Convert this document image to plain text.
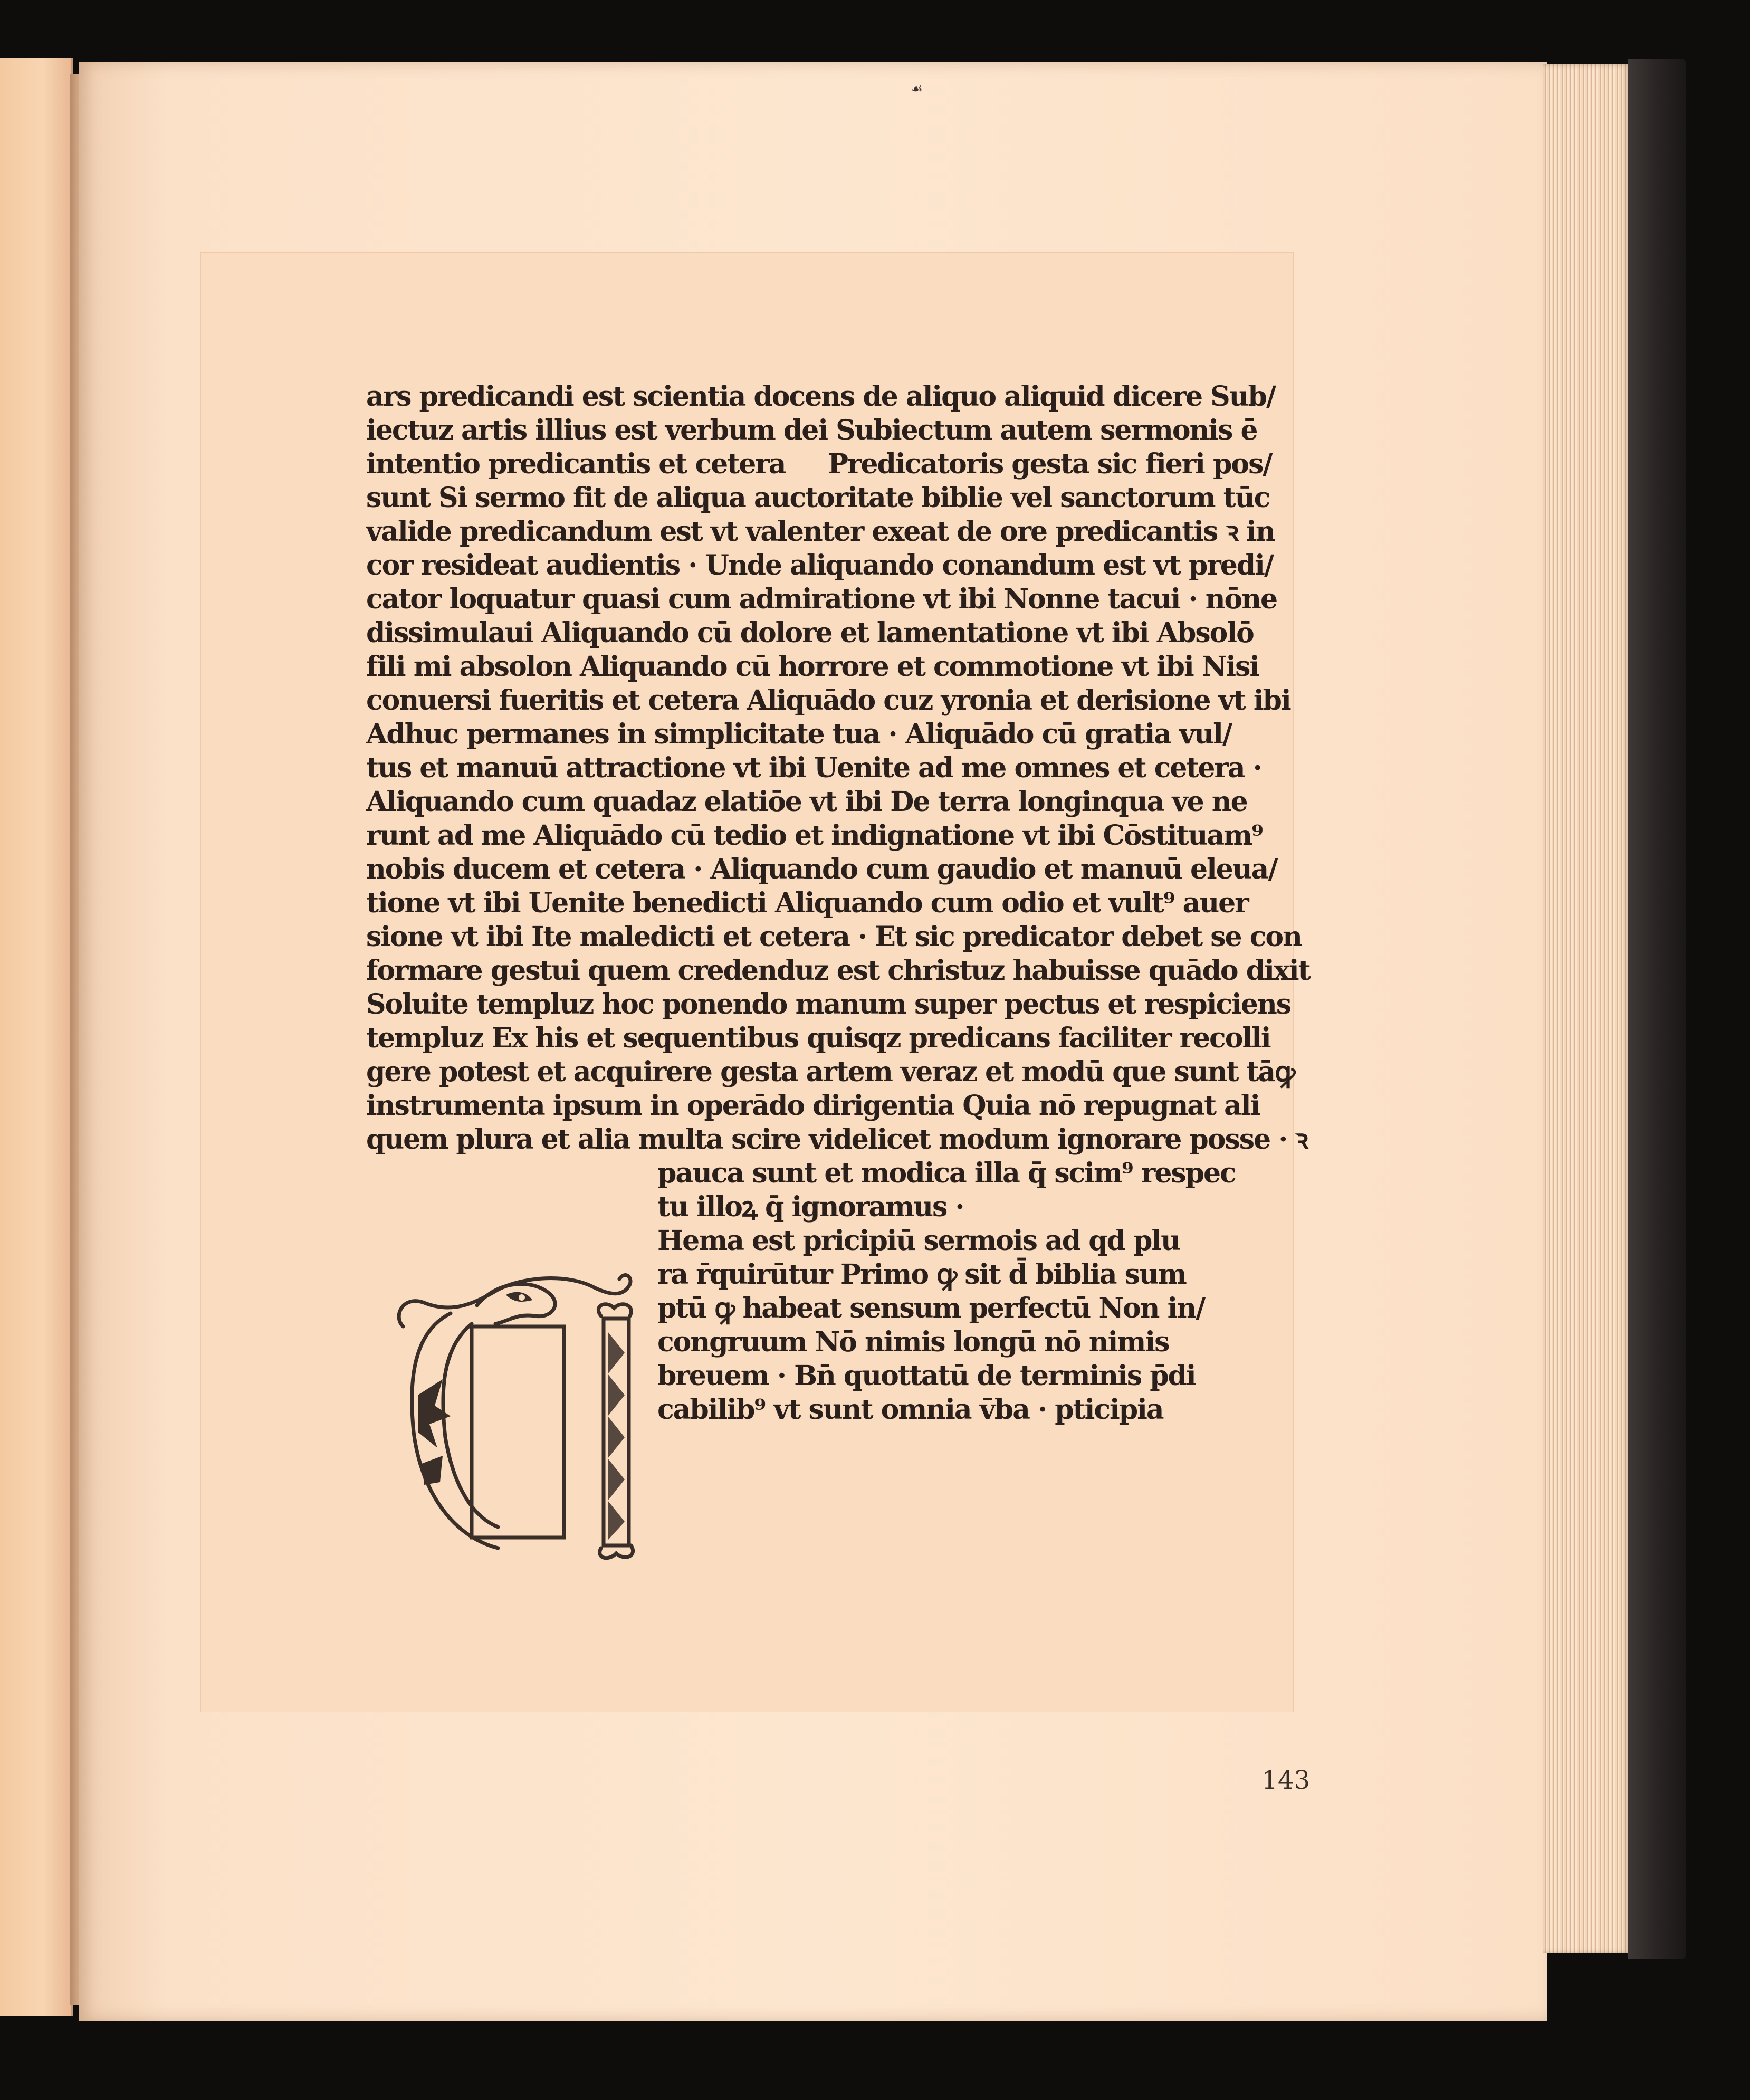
☙
ars predicandi est scientia docens de aliquo aliquid dicere Sub/
iectuz artis illius est verbum dei Subiectum autem sermonis ē
intentio predicantis et cetera     Predicatoris gesta sic fieri pos/
sunt Si sermo fit de aliqua auctoritate biblie vel sanctorum tūc
valide predicandum est vt valenter exeat de ore predicantis ꝛ in
cor resideat audientis · Unde aliquando conandum est vt predi/
cator loquatur quasi cum admiratione vt ibi Nonne tacui · nōne
dissimulaui Aliquando cū dolore et lamentatione vt ibi Absolō
fili mi absolon Aliquando cū horrore et commotione vt ibi Nisi
conuersi fueritis et cetera Aliquādo cuz yronia et derisione vt ibi
Adhuc permanes in simplicitate tua · Aliquādo cū gratia vul/
tus et manuū attractione vt ibi Uenite ad me omnes et cetera ·
Aliquando cum quadaz elatiōe vt ibi De terra longinqua ve ne
runt ad me Aliquādo cū tedio et indignatione vt ibi Cōstituam⁹
nobis ducem et cetera · Aliquando cum gaudio et manuū eleua/
tione vt ibi Uenite benedicti Aliquando cum odio et vult⁹ auer
sione vt ibi Ite maledicti et cetera · Et sic predicator debet se con
formare gestui quem credenduz est christuz habuisse quādo dixit
Soluite templuz hoc ponendo manum super pectus et respiciens
templuz Ex his et sequentibus quisqz predicans faciliter recolli
gere potest et acquirere gesta artem veraz et modū que sunt tāꝙ
instrumenta ipsum in operādo dirigentia Quia nō repugnat ali
quem plura et alia multa scire videlicet modum ignorare posse · ꝛ
pauca sunt et modica illa q̄ scim⁹ respec
tu illoꝝ q̄ ignoramus ·
Hema est pricipiū sermois ad qd plu
ra r̄quirūtur Primo ꝙ sit d̄ biblia sum
ptū ꝙ habeat sensum perfectū Non in/
congruum Nō nimis longū nō nimis
breuem · Bn̄ quottatū de terminis p̄di
cabilib⁹ vt sunt omnia v̄ba · pticipia
143
